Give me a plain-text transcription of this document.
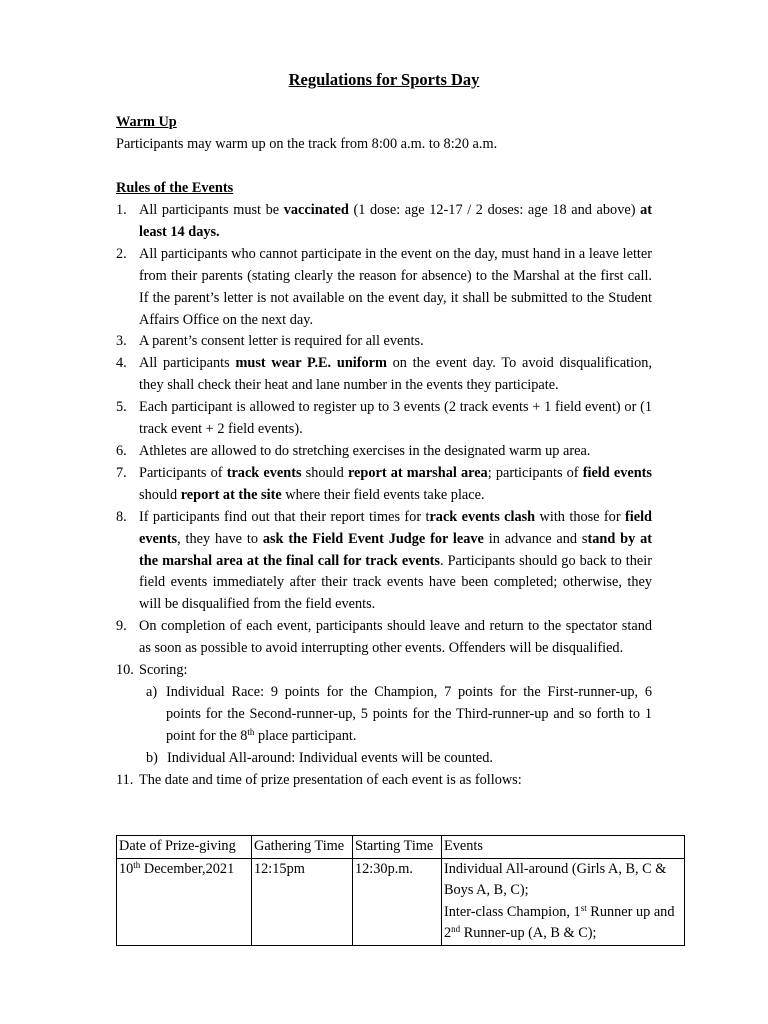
Regulations for Sports Day
Warm Up
Participants may warm up on the track from 8:00 a.m. to 8:20 a.m.
Rules of the Events
1. All participants must be vaccinated (1 dose: age 12-17 / 2 doses: age 18 and above) at least 14 days.
2. All participants who cannot participate in the event on the day, must hand in a leave letter from their parents (stating clearly the reason for absence) to the Marshal at the first call. If the parent’s letter is not available on the event day, it shall be submitted to the Student Affairs Office on the next day.
3. A parent’s consent letter is required for all events.
4. All participants must wear P.E. uniform on the event day. To avoid disqualification, they shall check their heat and lane number in the events they participate.
5. Each participant is allowed to register up to 3 events (2 track events + 1 field event) or (1 track event + 2 field events).
6. Athletes are allowed to do stretching exercises in the designated warm up area.
7. Participants of track events should report at marshal area; participants of field events should report at the site where their field events take place.
8. If participants find out that their report times for track events clash with those for field events, they have to ask the Field Event Judge for leave in advance and stand by at the marshal area at the final call for track events. Participants should go back to their field events immediately after their track events have been completed; otherwise, they will be disqualified from the field events.
9. On completion of each event, participants should leave and return to the spectator stand as soon as possible to avoid interrupting other events. Offenders will be disqualified.
10. Scoring:
a) Individual Race: 9 points for the Champion, 7 points for the First-runner-up, 6 points for the Second-runner-up, 5 points for the Third-runner-up and so forth to 1 point for the 8th place participant.
b) Individual All-around: Individual events will be counted.
11. The date and time of prize presentation of each event is as follows:
Date of Prize-giving	Gathering Time	Starting Time	Events
10th December,2021	12:15pm	12:30p.m.	Individual All-around (Girls A, B, C & Boys A, B, C);
Inter-class Champion, 1st Runner up and 2nd Runner-up (A, B & C);
